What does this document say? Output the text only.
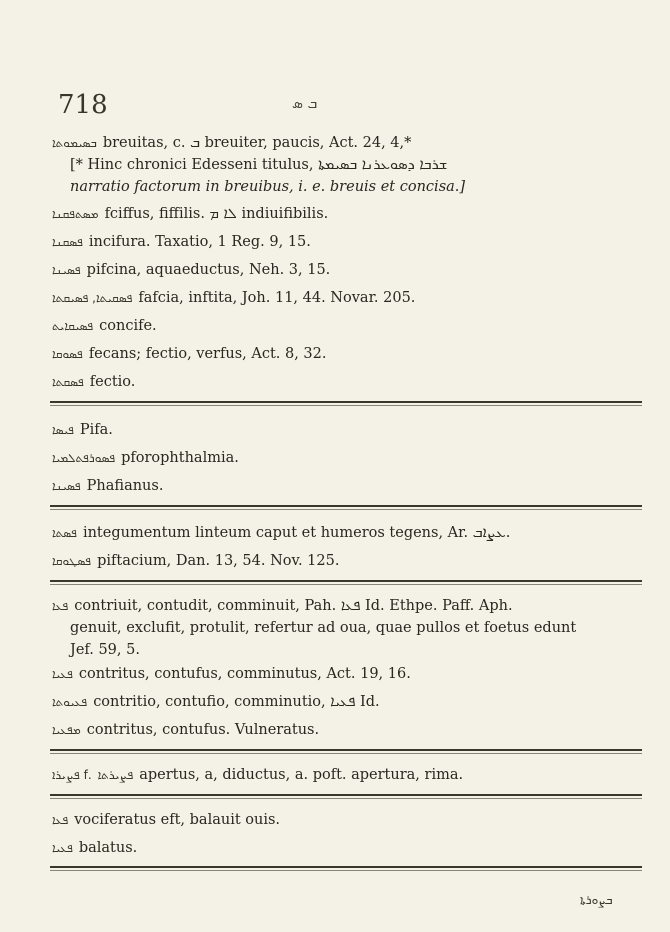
718	ܒ ܣ
ܒܣܝܡܘܬܐ breuitas, c. ܒ breuiter, paucis, Act. 24, 4,*
[* Hinc chronici Edesseni titulus, ܫܪܒܐ ܕܣܘܥܪܢܐ ܒܣܝܡܬܐ
narratio factorum in breuibus, i. e. breuis et concisa.]
ܡܣܬܦܩܢܐ fciffus, fiffilis. ܠܐ ܡ indiuifibilis.
ܦܣܩܢܐ incifura. Taxatio, 1 Reg. 9, 15.
ܦܣܝܢܐ pifcina, aquaeductus, Neh. 3, 15.
ܦܣܩܝܬܐ, ܦܣܝܩܬܐ fafcia, inftita, Joh. 11, 44. Novar. 205.
ܦܣܝܩܐܝܬ concife.
ܦܣܘܩܐ fecans; fectio, verfus, Act. 8, 32.
ܦܣܩܬܐ fectio.
ܦܝܣܐ Pifa.
ܦܣܘܪܦܬܠܡܝܐ pforophthalmia.
ܦܣܝܢܐ Phafianus.
ܦܣܬܐ integumentum linteum caput et humeros tegens, Ar. ܥܨܐܒ.
ܦܣܛܘܩܐ piftacium, Dan. 13, 54. Nov. 125.
ܦܥܐ contriuit, contudit, comminuit, Pah. ܦܥܐ Id. Ethpe. Paff. Aph.
genuit, exclufit, protulit, refertur ad oua, quae pullos et foetus edunt
Jef. 59, 5.
ܦܥܝܐ contritus, contufus, comminutus, Act. 19, 16.
ܦܥܝܘܬܐ contritio, contufio, comminutio, ܦܥܝܐ Id.
ܡܦܥܝܐ contritus, contufus. Vulneratus.
ܦܨܝܪܐ f. ܦܨܝܪܬܐ apertus, a, diductus, a. poft. apertura, rima.
ܦܥܐ vociferatus eft, balauit ouis.
ܦܥܝܐ balatus.
ܒܨܘܪܬܐ
